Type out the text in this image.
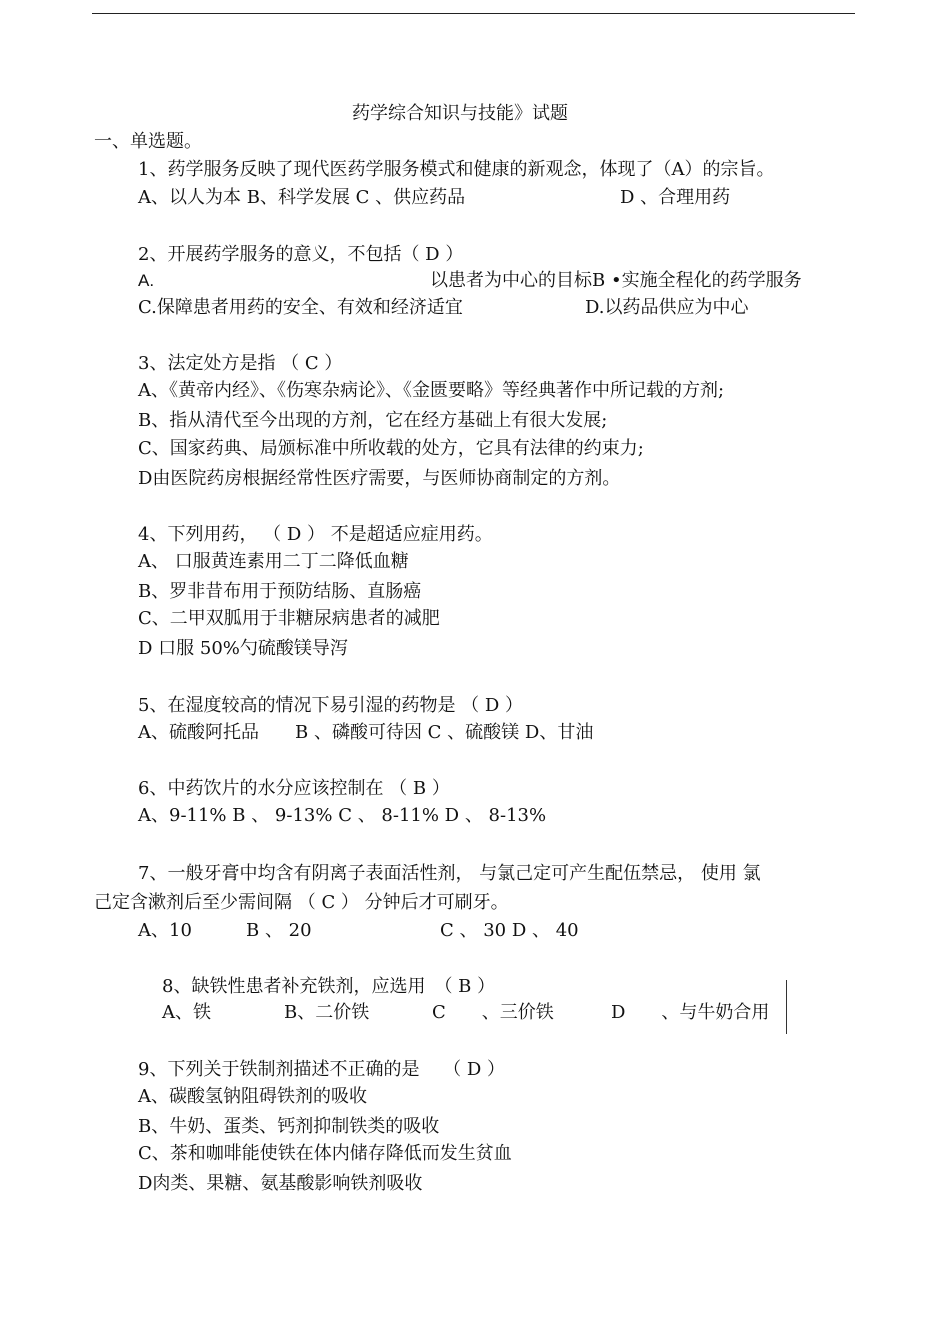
药学综合知识与技能》试题
一、单选题。
1、药学服务反映了现代医药学服务模式和健康的新观念，体现了（A）的宗旨。
A、以人为本 B、科学发展 C 、供应药品	D 、合理用药
2、开展药学服务的意义，不包括（ D ）
A.	以患者为中心的目标B •实施全程化的药学服务
C.保障患者用药的安全、有效和经济适宜	D.以药品供应为中心
3、法定处方是指 （ C ）
A、《黄帝内经》、《伤寒杂病论》、《金匮要略》等经典著作中所记载的方剂;
B、指从清代至今出现的方剂，它在经方基础上有很大发展;
C、国家药典、局颁标准中所收载的处方，它具有法律的约束力;
D由医院药房根据经常性医疗需要，与医师协商制定的方剂。
4、下列用药， （ D ） 不是超适应症用药。
A、 口服黄连素用二丁二降低血糖
B、罗非昔布用于预防结肠、直肠癌
C、二甲双胍用于非糖尿病患者的减肥
D 口服 50%勺硫酸镁导泻
5、在湿度较高的情况下易引湿的药物是 （ D ）
A、硫酸阿托品　　B 、磷酸可待因 C 、硫酸镁 D、甘油
6、中药饮片的水分应该控制在 （ B ）
A、9-11% B 、 9-13% C 、 8-11% D 、 8-13%
7、一般牙膏中均含有阴离子表面活性剂， 与氯己定可产生配伍禁忌， 使用 氯
己定含漱剂后至少需间隔 （ C ） 分钟后才可刷牙。
A、10	B 、 20	C 、 30 D 、 40
8、缺铁性患者补充铁剂，应选用　（ B ）
A、铁	B、二价铁	C　　、三价铁	D　　、与牛奶合用
9、下列关于铁制剂描述不正确的是　 （ D ）
A、碳酸氢钠阻碍铁剂的吸收
B、牛奶、蛋类、钙剂抑制铁类的吸收
C、茶和咖啡能使铁在体内储存降低而发生贫血
D肉类、果糖、氨基酸影响铁剂吸收
